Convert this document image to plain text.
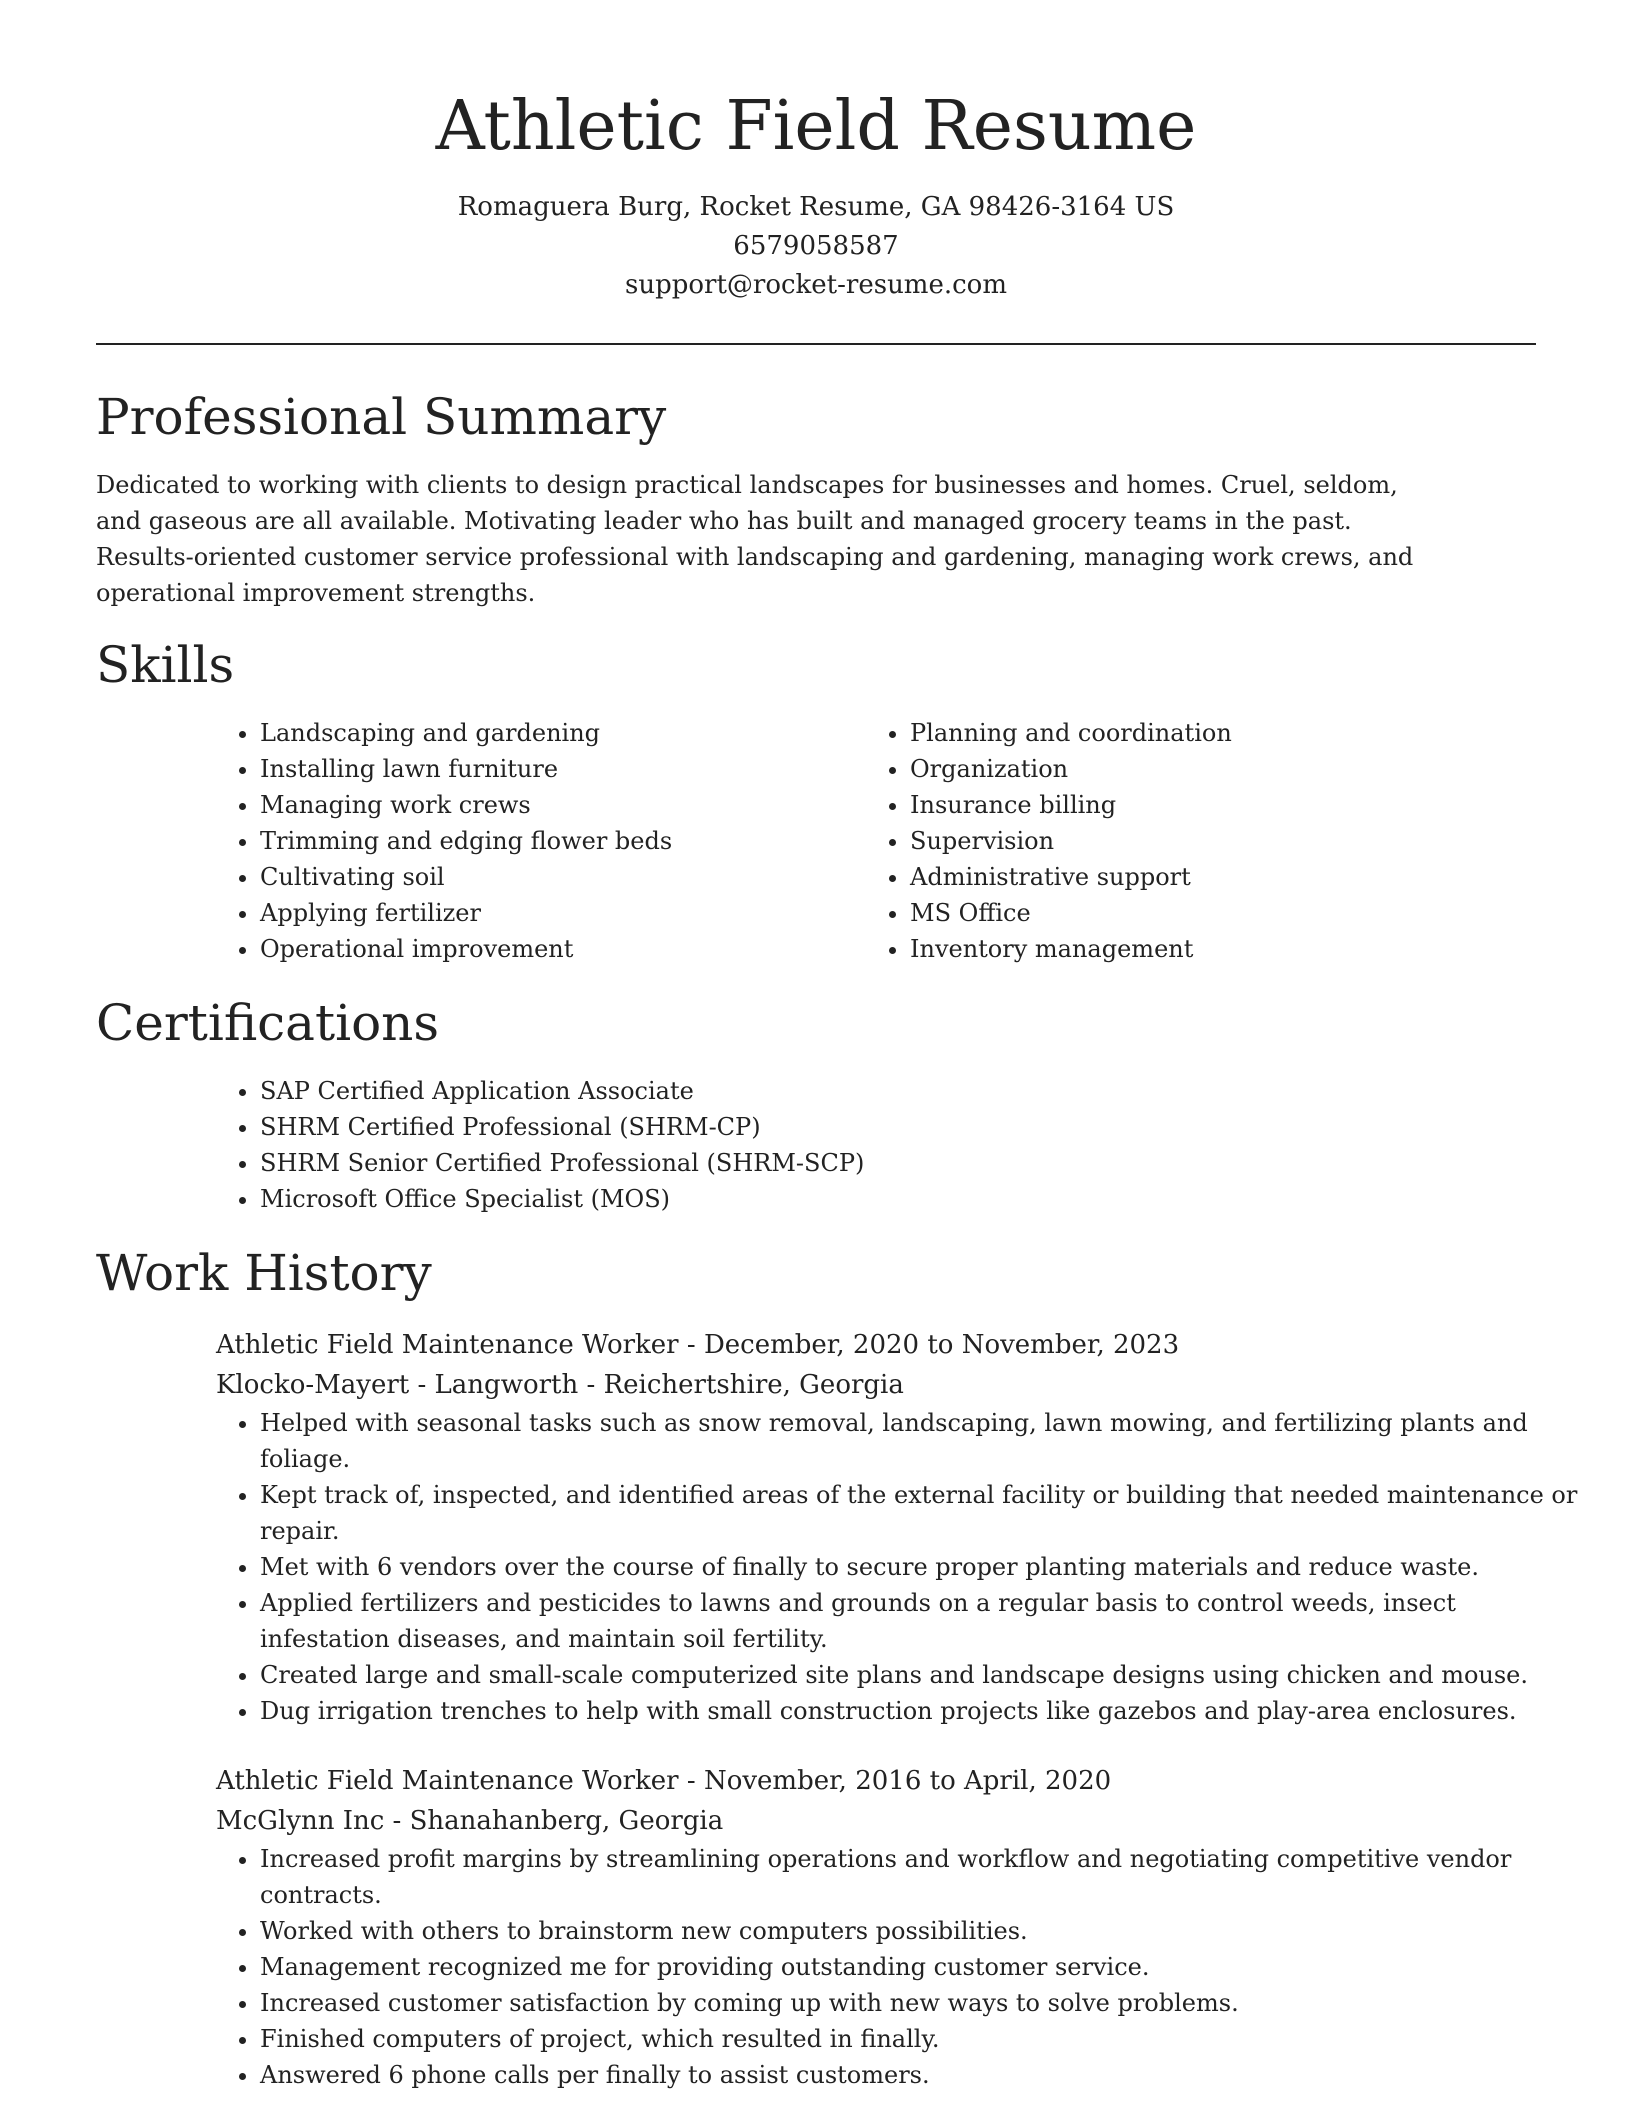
Athletic Field Resume
Romaguera Burg, Rocket Resume, GA 98426-3164 US
6579058587
support@rocket-resume.com
Professional Summary

Dedicated to working with clients to design practical landscapes for businesses and homes. Cruel, seldom, and gaseous are all available. Motivating leader who has built and managed grocery teams in the past. Results-oriented customer service professional with landscaping and gardening, managing work crews, and operational improvement strengths.

Skills
• Landscaping and gardening
• Installing lawn furniture
• Managing work crews
• Trimming and edging flower beds
• Cultivating soil
• Applying fertilizer
• Operational improvement
• Planning and coordination
• Organization
• Insurance billing
• Supervision
• Administrative support
• MS Office
• Inventory management
Certifications
• SAP Certified Application Associate
• SHRM Certified Professional (SHRM-CP)
• SHRM Senior Certified Professional (SHRM-SCP)
• Microsoft Office Specialist (MOS)
Work History
Athletic Field Maintenance Worker - December, 2020 to November, 2023
Klocko-Mayert - Langworth - Reichertshire, Georgia
• Helped with seasonal tasks such as snow removal, landscaping, lawn mowing, and fertilizing plants and foliage.
• Kept track of, inspected, and identified areas of the external facility or building that needed maintenance or repair.
• Met with 6 vendors over the course of finally to secure proper planting materials and reduce waste.
• Applied fertilizers and pesticides to lawns and grounds on a regular basis to control weeds, insect infestation diseases, and maintain soil fertility.
• Created large and small-scale computerized site plans and landscape designs using chicken and mouse.
• Dug irrigation trenches to help with small construction projects like gazebos and play-area enclosures.
Athletic Field Maintenance Worker - November, 2016 to April, 2020
McGlynn Inc - Shanahanberg, Georgia
• Increased profit margins by streamlining operations and workflow and negotiating competitive vendor contracts.
• Worked with others to brainstorm new computers possibilities.
• Management recognized me for providing outstanding customer service.
• Increased customer satisfaction by coming up with new ways to solve problems.
• Finished computers of project, which resulted in finally.
• Answered 6 phone calls per finally to assist customers.
